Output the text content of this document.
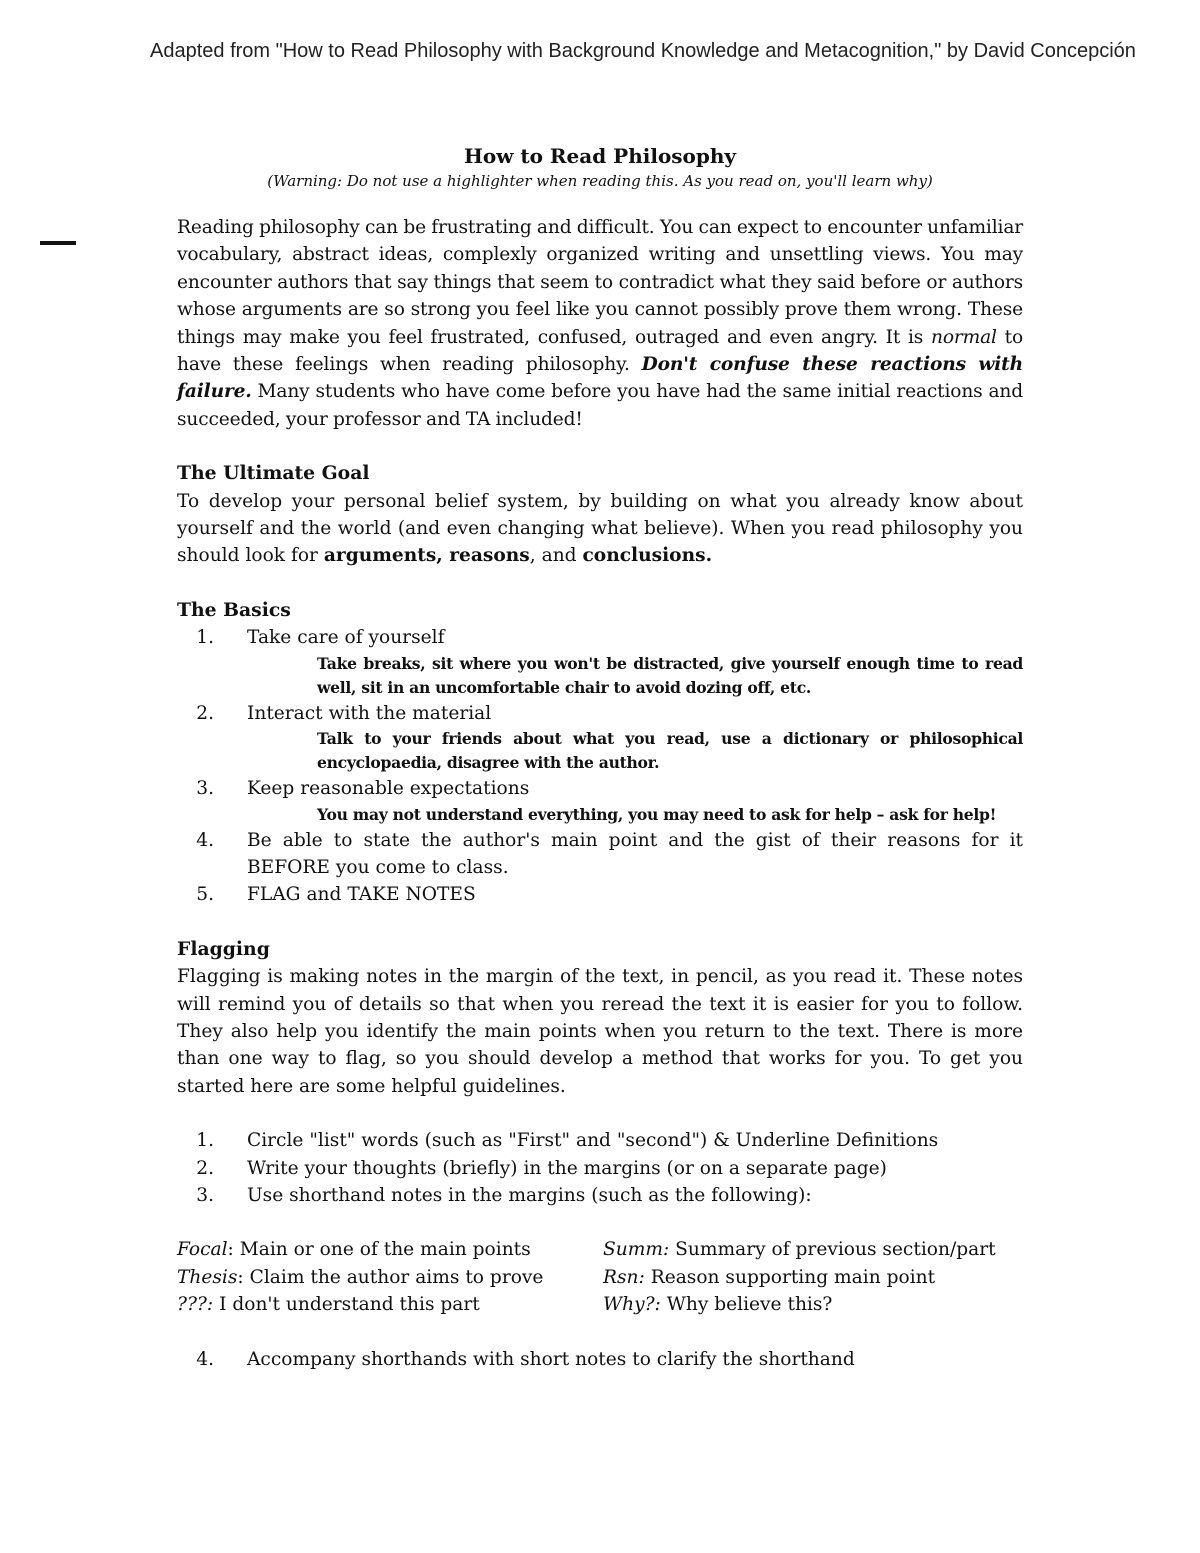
Adapted from "How to Read Philosophy with Background Knowledge and Metacognition," by David Concepción
How to Read Philosophy
(Warning: Do not use a highlighter when reading this. As you read on, you'll learn why)

Reading philosophy can be frustrating and difficult. You can expect to encounter unfamiliar vocabulary, abstract ideas, complexly organized writing and unsettling views. You may encounter authors that say things that seem to contradict what they said before or authors whose arguments are so strong you feel like you cannot possibly prove them wrong. These things may make you feel frustrated, confused, outraged and even angry. It is normal to have these feelings when reading philosophy. Don't confuse these reactions with failure. Many students who have come before you have had the same initial reactions and succeeded, your professor and TA included!

The Ultimate Goal

To develop your personal belief system, by building on what you already know about yourself and the world (and even changing what believe). When you read philosophy you should look for arguments, reasons, and conclusions.

The Basics
1.	Take care of yourself
Take breaks, sit where you won't be distracted, give yourself enough time to read well, sit in an uncomfortable chair to avoid dozing off, etc.
2.	Interact with the material
Talk to your friends about what you read, use a dictionary or philosophical encyclopaedia, disagree with the author.
3.	Keep reasonable expectations
You may not understand everything, you may need to ask for help – ask for help!
4.	Be able to state the author's main point and the gist of their reasons for it BEFORE you come to class.
5.	FLAG and TAKE NOTES
Flagging

Flagging is making notes in the margin of the text, in pencil, as you read it. These notes will remind you of details so that when you reread the text it is easier for you to follow. They also help you identify the main points when you return to the text. There is more than one way to flag, so you should develop a method that works for you. To get you started here are some helpful guidelines.

1.	Circle "list" words (such as "First" and "second") & Underline Definitions
2.	Write your thoughts (briefly) in the margins (or on a separate page)
3.	Use shorthand notes in the margins (such as the following):
Focal: Main or one of the main points	Summ: Summary of previous section/part
Thesis: Claim the author aims to prove	Rsn: Reason supporting main point
???: I don't understand this part	Why?: Why believe this?
4.	Accompany shorthands with short notes to clarify the shorthand
